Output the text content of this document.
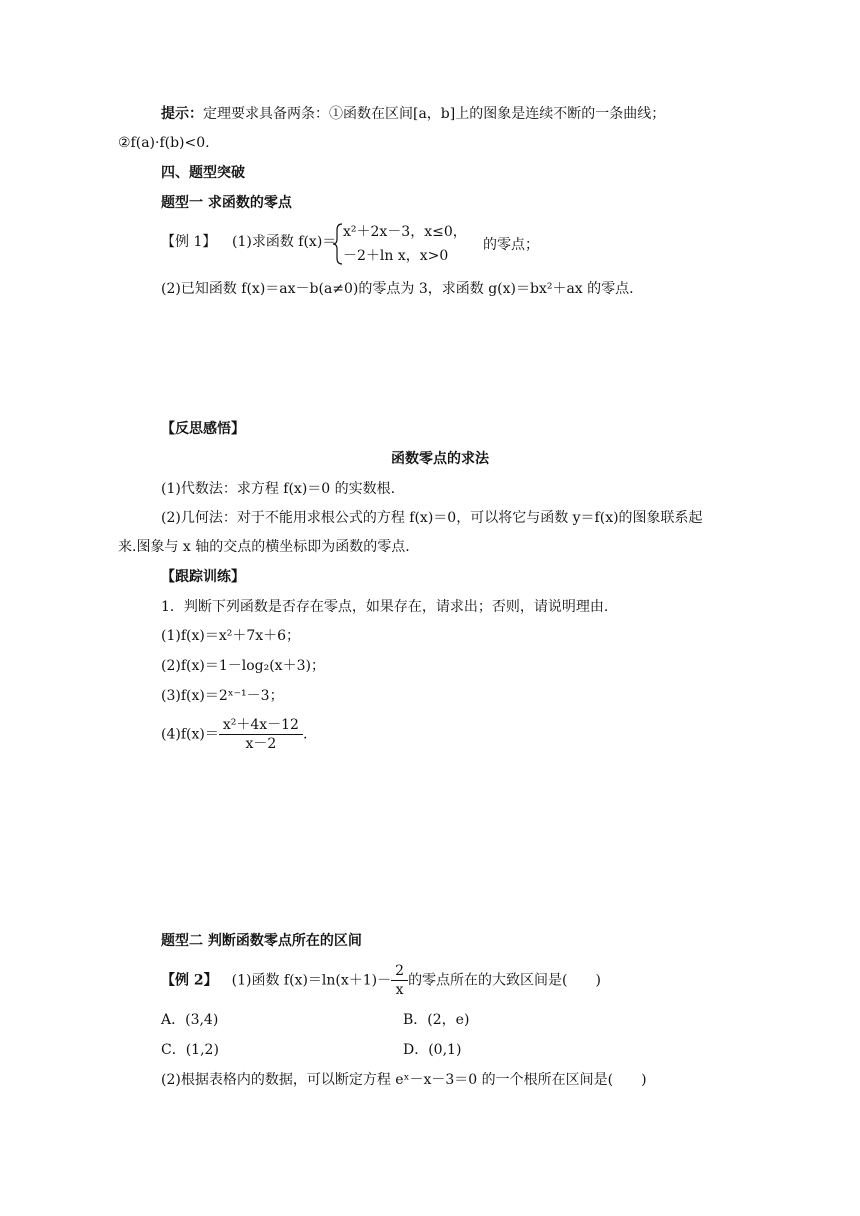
提示：定理要求具备两条：①函数在区间[a，b]上的图象是连续不断的一条曲线；
②f(a)·f(b)<0.
四、题型突破
题型一 求函数的零点
【例 1】 (1)求函数 f(x)＝
x²＋2x－3，x≤0，
－2＋ln x，x>0
的零点；
(2)已知函数 f(x)＝ax－b(a≠0)的零点为 3，求函数 g(x)＝bx²＋ax 的零点.
【反思感悟】
函数零点的求法
(1)代数法：求方程 f(x)＝0 的实数根.
(2)几何法：对于不能用求根公式的方程 f(x)＝0，可以将它与函数 y＝f(x)的图象联系起
来.图象与 x 轴的交点的横坐标即为函数的零点.
【跟踪训练】
1．判断下列函数是否存在零点，如果存在，请求出；否则，请说明理由.
(1)f(x)＝x²＋7x＋6；
(2)f(x)＝1－log₂(x＋3)；
(3)f(x)＝2ˣ⁻¹－3；
$(4)f(x)= \frac{\text{x²＋4x－12}}{x-2}$ .
题型二 判断函数零点所在的区间
【例 2】 (1)函数 $f(x)=\ln(x+1)- \frac{2}{x}$ 的零点所在的大致区间是(　　)
A．(3,4)	B．(2，e)
C．(1,2)	D．(0,1)
(2)根据表格内的数据，可以断定方程 eˣ－x－3＝0 的一个根所在区间是(　　)
